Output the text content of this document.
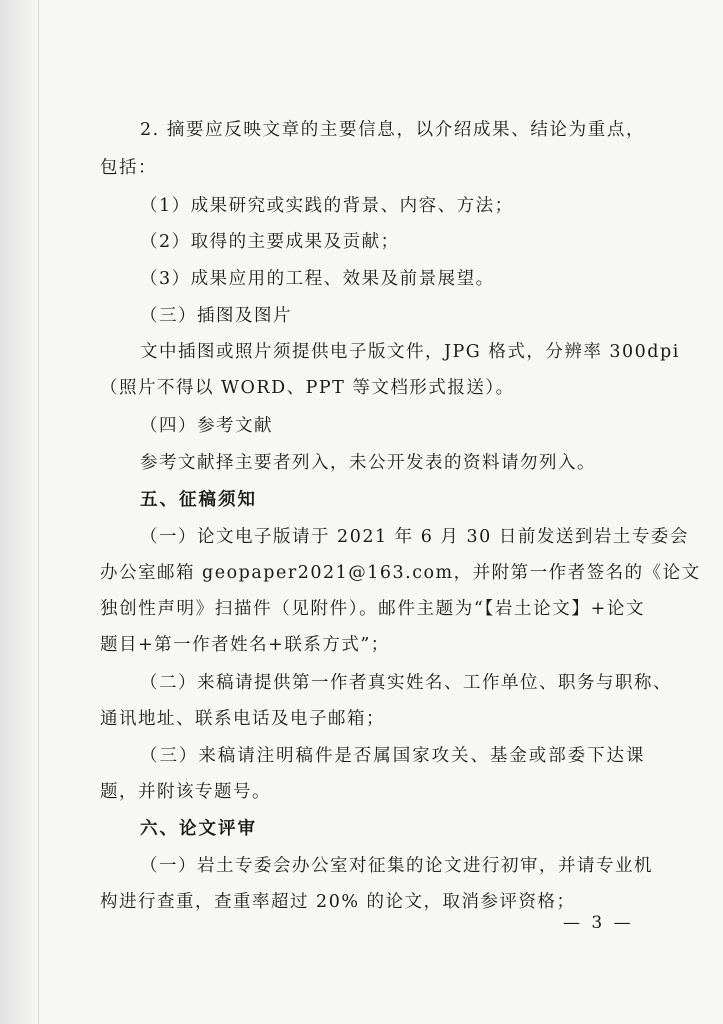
2. 摘要应反映文章的主要信息，以介绍成果、结论为重点，
包括：
（1）成果研究或实践的背景、内容、方法；
（2）取得的主要成果及贡献；
（3）成果应用的工程、效果及前景展望。
（三）插图及图片
文中插图或照片须提供电子版文件，JPG 格式，分辨率 300dpi
（照片不得以 WORD、PPT 等文档形式报送）。
（四）参考文献
参考文献择主要者列入，未公开发表的资料请勿列入。
五、征稿须知
（一）论文电子版请于 2021 年 6 月 30 日前发送到岩土专委会
办公室邮箱 geopaper2021@163.com，并附第一作者签名的《论文
独创性声明》扫描件（见附件）。邮件主题为“【岩土论文】+论文
题目+第一作者姓名+联系方式”；
（二）来稿请提供第一作者真实姓名、工作单位、职务与职称、
通讯地址、联系电话及电子邮箱；
（三）来稿请注明稿件是否属国家攻关、基金或部委下达课
题，并附该专题号。
六、论文评审
（一）岩土专委会办公室对征集的论文进行初审，并请专业机
构进行查重，查重率超过 20% 的论文，取消参评资格；
— 3 —
